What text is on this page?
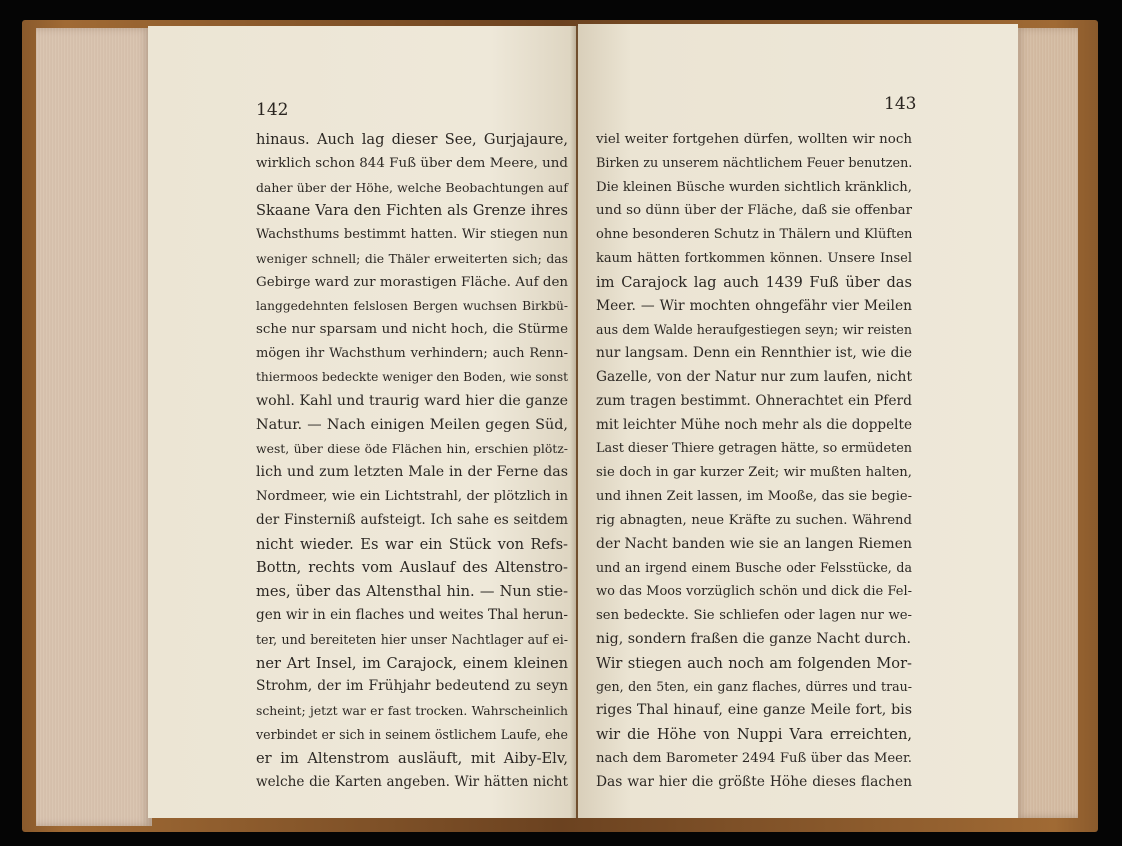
142
hinaus. Auch lag dieser See, Gurjajaure,
wirklich schon 844 Fuß über dem Meere, und
daher über der Höhe, welche Beobachtungen auf
Skaane Vara den Fichten als Grenze ihres
Wachsthums bestimmt hatten. Wir stiegen nun
weniger schnell; die Thäler erweiterten sich; das
Gebirge ward zur morastigen Fläche. Auf den
langgedehnten felslosen Bergen wuchsen Birkbü-
sche nur sparsam und nicht hoch, die Stürme
mögen ihr Wachsthum verhindern; auch Renn-
thiermoos bedeckte weniger den Boden, wie sonst
wohl. Kahl und traurig ward hier die ganze
Natur. — Nach einigen Meilen gegen Süd,
west, über diese öde Flächen hin, erschien plötz-
lich und zum letzten Male in der Ferne das
Nordmeer, wie ein Lichtstrahl, der plötzlich in
der Finsterniß aufsteigt. Ich sahe es seitdem
nicht wieder. Es war ein Stück von Refs-
Bottn, rechts vom Auslauf des Altenstro-
mes, über das Altensthal hin. — Nun stie-
gen wir in ein flaches und weites Thal herun-
ter, und bereiteten hier unser Nachtlager auf ei-
ner Art Insel, im Carajock, einem kleinen
Strohm, der im Frühjahr bedeutend zu seyn
scheint; jetzt war er fast trocken. Wahrscheinlich
verbindet er sich in seinem östlichem Laufe, ehe
er im Altenstrom ausläuft, mit Aiby-Elv,
welche die Karten angeben. Wir hätten nicht
143
viel weiter fortgehen dürfen, wollten wir noch
Birken zu unserem nächtlichem Feuer benutzen.
Die kleinen Büsche wurden sichtlich kränklich,
und so dünn über der Fläche, daß sie offenbar
ohne besonderen Schutz in Thälern und Klüften
kaum hätten fortkommen können. Unsere Insel
im Carajock lag auch 1439 Fuß über das
Meer. — Wir mochten ohngefähr vier Meilen
aus dem Walde heraufgestiegen seyn; wir reisten
nur langsam. Denn ein Rennthier ist, wie die
Gazelle, von der Natur nur zum laufen, nicht
zum tragen bestimmt. Ohnerachtet ein Pferd
mit leichter Mühe noch mehr als die doppelte
Last dieser Thiere getragen hätte, so ermüdeten
sie doch in gar kurzer Zeit; wir mußten halten,
und ihnen Zeit lassen, im Mooße, das sie begie-
rig abnagten, neue Kräfte zu suchen. Während
der Nacht banden wie sie an langen Riemen
und an irgend einem Busche oder Felsstücke, da
wo das Moos vorzüglich schön und dick die Fel-
sen bedeckte. Sie schliefen oder lagen nur we-
nig, sondern fraßen die ganze Nacht durch.
Wir stiegen auch noch am folgenden Mor-
gen, den 5ten, ein ganz flaches, dürres und trau-
riges Thal hinauf, eine ganze Meile fort, bis
wir die Höhe von Nuppi Vara erreichten,
nach dem Barometer 2494 Fuß über das Meer.
Das war hier die größte Höhe dieses flachen
